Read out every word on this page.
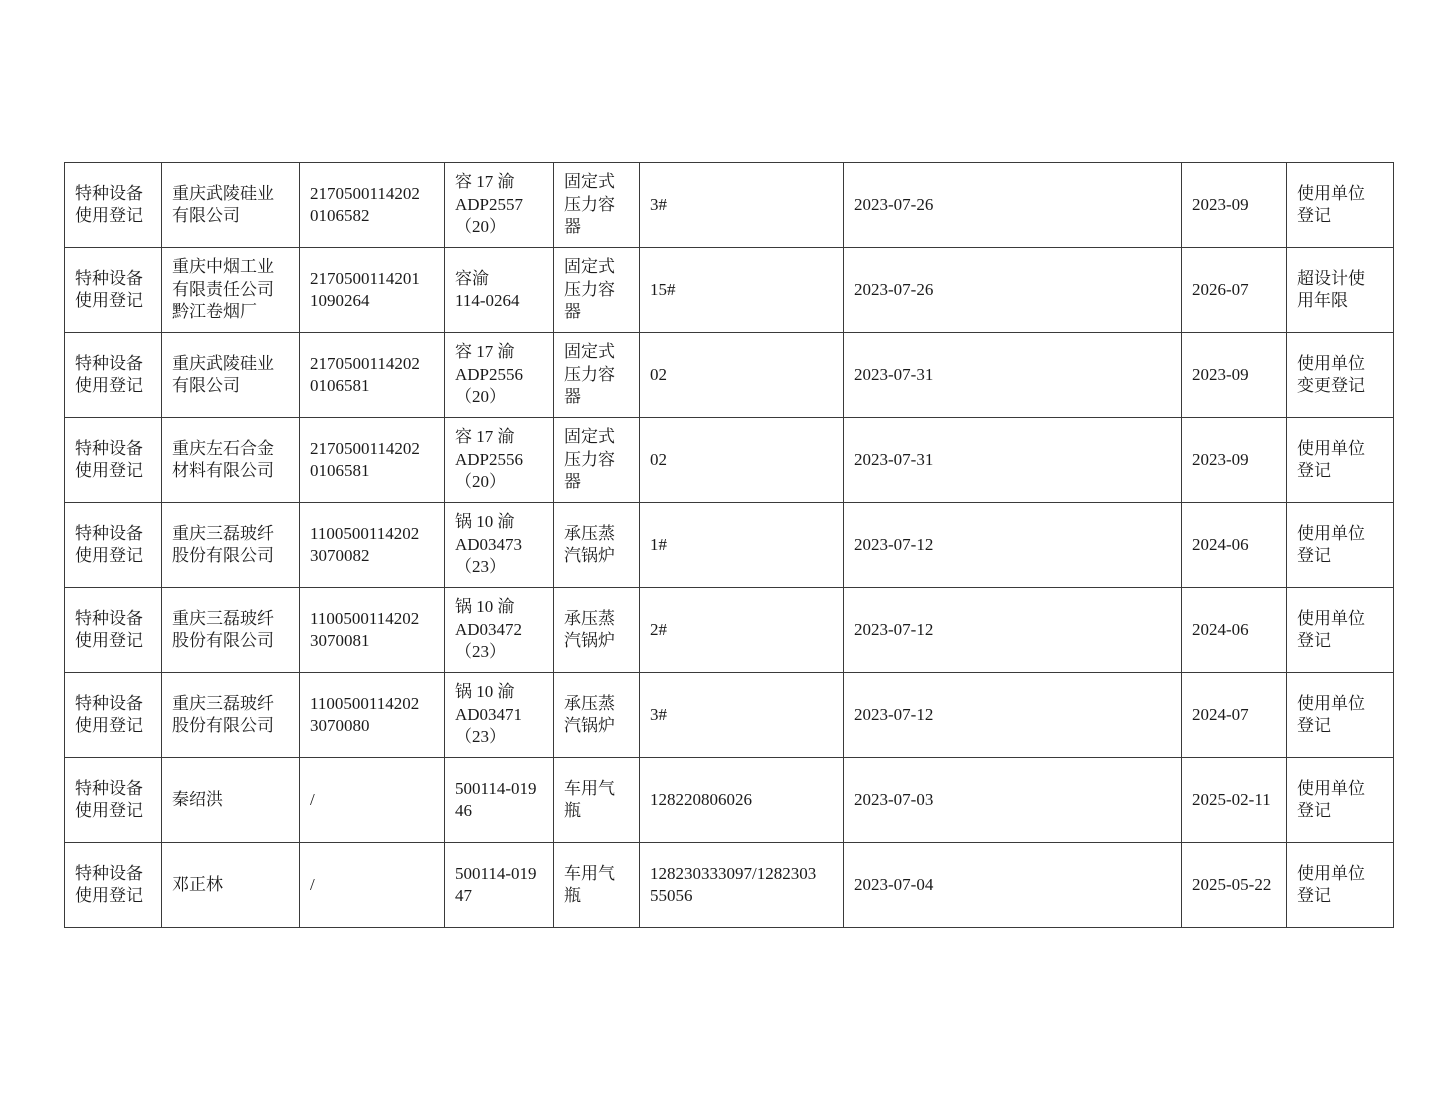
特种设备
使用登记	重庆武陵硅业
有限公司	2170500114202
0106582	容 17 渝
ADP2557
（20）	固定式
压力容
器	3#	2023-07-26	2023-09	使用单位
登记

特种设备
使用登记	重庆中烟工业
有限责任公司
黔江卷烟厂	2170500114201
1090264	容渝
114-0264	固定式
压力容
器	15#	2023-07-26	2026-07	超设计使
用年限

特种设备
使用登记	重庆武陵硅业
有限公司	2170500114202
0106581	容 17 渝
ADP2556
（20）	固定式
压力容
器	02	2023-07-31	2023-09	使用单位
变更登记

特种设备
使用登记	重庆左石合金
材料有限公司	2170500114202
0106581	容 17 渝
ADP2556
（20）	固定式
压力容
器	02	2023-07-31	2023-09	使用单位
登记

特种设备
使用登记	重庆三磊玻纤
股份有限公司	1100500114202
3070082	锅 10 渝
AD03473
（23）	承压蒸
汽锅炉	1#	2023-07-12	2024-06	使用单位
登记

特种设备
使用登记	重庆三磊玻纤
股份有限公司	1100500114202
3070081	锅 10 渝
AD03472
（23）	承压蒸
汽锅炉	2#	2023-07-12	2024-06	使用单位
登记

特种设备
使用登记	重庆三磊玻纤
股份有限公司	1100500114202
3070080	锅 10 渝
AD03471
（23）	承压蒸
汽锅炉	3#	2023-07-12	2024-07	使用单位
登记

特种设备
使用登记	秦绍洪	/	500114-019
46	车用气
瓶	128220806026	2023-07-03	2025-02-11	使用单位
登记

特种设备
使用登记	邓正林	/	500114-019
47	车用气
瓶	128230333097/1282303
55056	2023-07-04	2025-05-22	使用单位
登记
